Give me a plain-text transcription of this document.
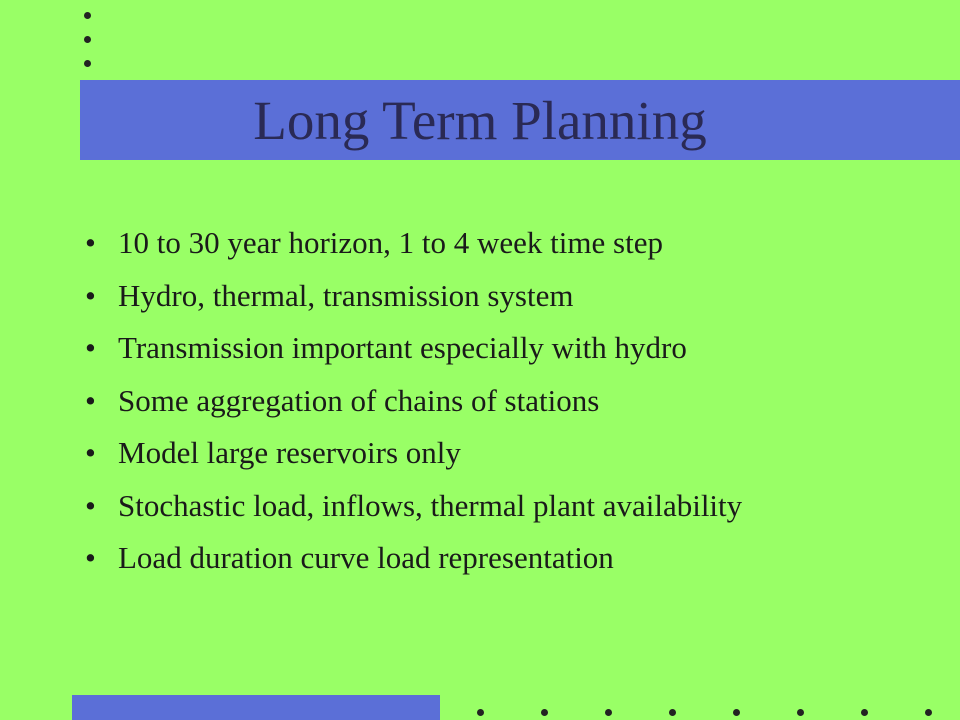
Long Term Planning
• 10 to 30 year horizon, 1 to 4 week time step
• Hydro, thermal, transmission system
• Transmission important especially with hydro
• Some aggregation of chains of stations
• Model large reservoirs only
• Stochastic load, inflows, thermal plant availability
• Load duration curve load representation
